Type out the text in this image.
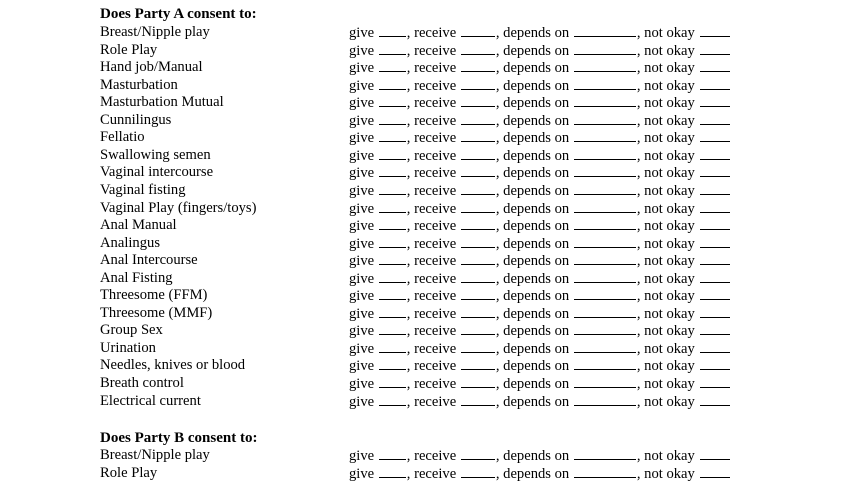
Does Party A consent to:
Breast/Nipple play	give , receive , depends on	, not okay
Role Play	give , receive , depends on	, not okay
Hand job/Manual	give , receive , depends on	, not okay
Masturbation	give , receive , depends on	, not okay
Masturbation Mutual	give , receive , depends on	, not okay
Cunnilingus	give , receive , depends on	, not okay
Fellatio	give , receive , depends on	, not okay
Swallowing semen	give , receive , depends on	, not okay
Vaginal intercourse	give , receive , depends on	, not okay
Vaginal fisting	give , receive , depends on	, not okay
Vaginal Play (fingers/toys)	give , receive , depends on	, not okay
Anal Manual	give , receive , depends on	, not okay
Analingus	give , receive , depends on	, not okay
Anal Intercourse	give , receive , depends on	, not okay
Anal Fisting	give , receive , depends on	, not okay
Threesome (FFM)	give , receive , depends on	, not okay
Threesome (MMF)	give , receive , depends on	, not okay
Group Sex	give , receive , depends on	, not okay
Urination	give , receive , depends on	, not okay
Needles, knives or blood	give , receive , depends on	, not okay
Breath control	give , receive , depends on	, not okay
Electrical current	give , receive , depends on	, not okay
Does Party B consent to:
Breast/Nipple play	give , receive , depends on	, not okay
Role Play	give , receive , depends on	, not okay
